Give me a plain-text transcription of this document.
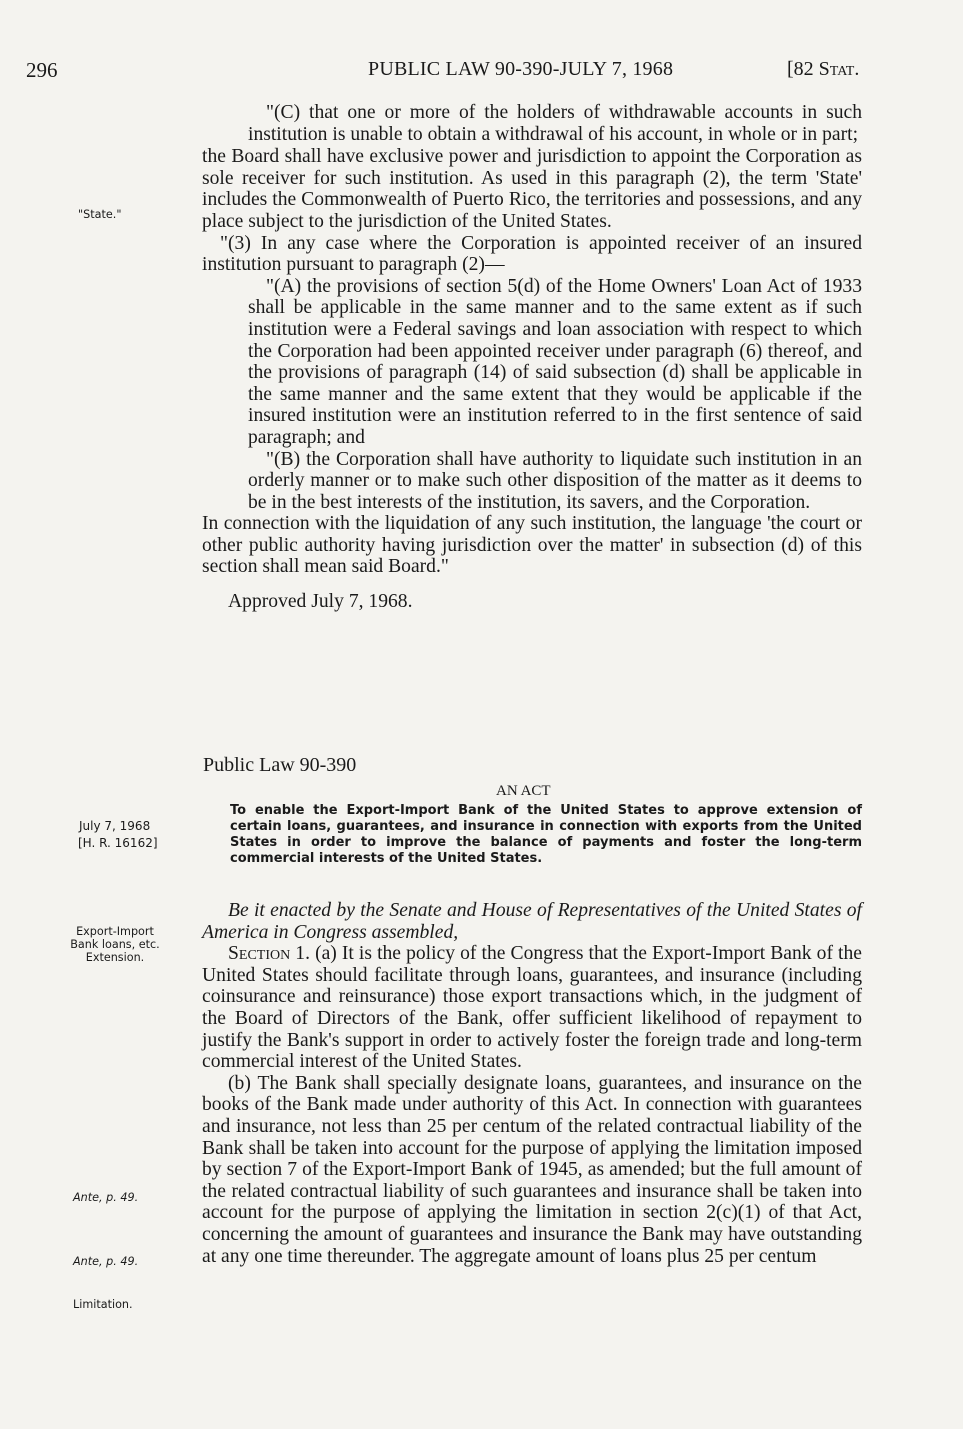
296	PUBLIC LAW 90-390-JULY 7, 1968	[82 Stat.
"State."
July 7, 1968
[H. R. 16162]
Export-Import
Bank loans, etc.
Extension.
Ante, p. 49.
Ante, p. 49.
Limitation.

"(C) that one or more of the holders of withdrawable accounts in such institution is unable to obtain a withdrawal of his account, in whole or in part;

the Board shall have exclusive power and jurisdiction to appoint the Corporation as sole receiver for such institution. As used in this paragraph (2), the term 'State' includes the Commonwealth of Puerto Rico, the territories and possessions, and any place subject to the jurisdiction of the United States.

"(3) In any case where the Corporation is appointed receiver of an insured institution pursuant to paragraph (2)—

"(A) the provisions of section 5(d) of the Home Owners' Loan Act of 1933 shall be applicable in the same manner and to the same extent as if such institution were a Federal savings and loan association with respect to which the Corporation had been appointed receiver under paragraph (6) thereof, and the provisions of paragraph (14) of said subsection (d) shall be applicable in the same manner and the same extent that they would be applicable if the insured institution were an institution referred to in the first sentence of said paragraph; and

"(B) the Corporation shall have authority to liquidate such institution in an orderly manner or to make such other disposition of the matter as it deems to be in the best interests of the institution, its savers, and the Corporation.

In connection with the liquidation of any such institution, the language 'the court or other public authority having jurisdiction over the matter' in subsection (d) of this section shall mean said Board."

Approved July 7, 1968.

Public Law 90-390
AN ACT
To enable the Export-Import Bank of the United States to approve extension of certain loans, guarantees, and insurance in connection with exports from the United States in order to improve the balance of payments and foster the long-term commercial interests of the United States.

Be it enacted by the Senate and House of Representatives of the United States of America in Congress assembled,

Section 1. (a) It is the policy of the Congress that the Export-Import Bank of the United States should facilitate through loans, guarantees, and insurance (including coinsurance and reinsurance) those export transactions which, in the judgment of the Board of Directors of the Bank, offer sufficient likelihood of repayment to justify the Bank's support in order to actively foster the foreign trade and long-term commercial interest of the United States.

(b) The Bank shall specially designate loans, guarantees, and insurance on the books of the Bank made under authority of this Act. In connection with guarantees and insurance, not less than 25 per centum of the related contractual liability of the Bank shall be taken into account for the purpose of applying the limitation imposed by section 7 of the Export-Import Bank of 1945, as amended; but the full amount of the related contractual liability of such guarantees and insurance shall be taken into account for the purpose of applying the limitation in section 2(c)(1) of that Act, concerning the amount of guarantees and insurance the Bank may have outstanding at any one time thereunder. The aggregate amount of loans plus 25 per centum
